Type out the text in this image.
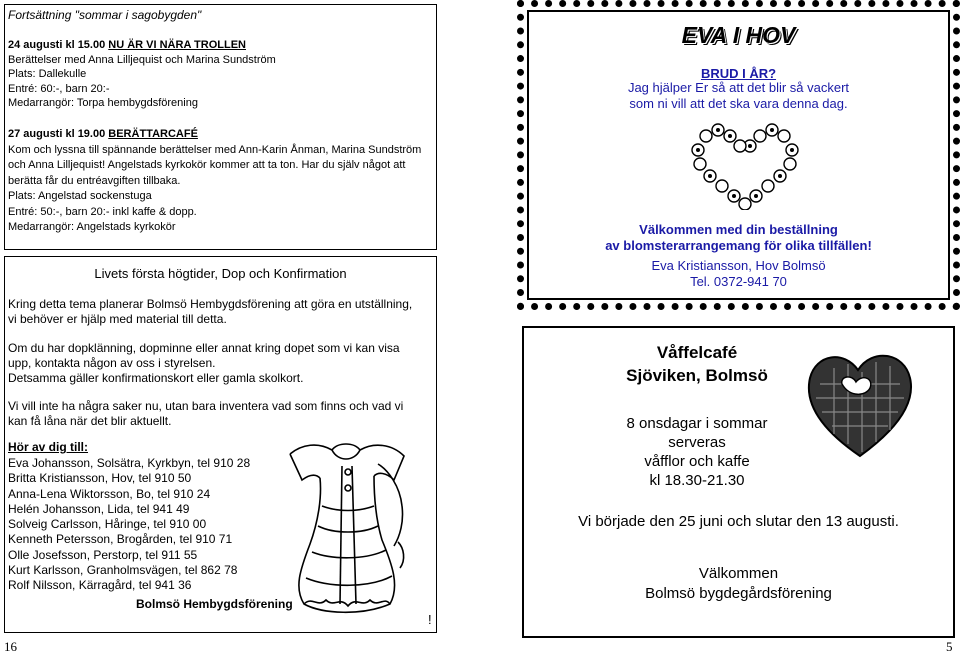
Fortsättning "sommar i sagobygden"
24 augusti kl 15.00 NU ÄR VI NÄRA TROLLEN
Berättelser med Anna Lilljequist och Marina Sundström
Plats: Dallekulle
Entré: 60:-, barn 20:-
Medarrangör: Torpa hembygdsförening
27 augusti kl 19.00 BERÄTTARCAFÉ
Kom och lyssna till spännande berättelser med Ann-Karin Ånman, Marina Sundström
och Anna Lilljequist! Angelstads kyrkokör kommer att ta ton. Har du själv något att
berätta får du entréavgiften tillbaka.
Plats: Angelstad sockenstuga
Entré: 50:-, barn 20:- inkl kaffe & dopp.
Medarrangör: Angelstads kyrkokör
Livets första högtider, Dop och Konfirmation
Kring detta tema planerar Bolmsö Hembygdsförening att göra en utställning,
vi behöver er hjälp med material till detta.
Om du har dopklänning, dopminne eller annat kring dopet som vi kan visa
upp, kontakta någon av oss i styrelsen.
Detsamma gäller konfirmationskort eller gamla skolkort.
Vi vill inte ha några saker nu, utan bara inventera vad som finns och vad vi
kan få låna när det blir aktuellt.
Hör av dig till:
Eva Johansson, Solsätra, Kyrkbyn, tel 910 28
Britta Kristiansson, Hov, tel 910 50
Anna-Lena Wiktorsson, Bo, tel 910 24
Helén Johansson, Lida, tel 941 49
Solveig Carlsson, Håringe, tel 910 00
Kenneth Petersson, Brogården, tel 910 71
Olle Josefsson, Perstorp, tel 911 55
Kurt Karlsson, Granholmsvägen, tel 862 78
Rolf Nilsson, Kärragård, tel 941 36
Bolmsö Hembygdsförening
!
16
EVA I HOV
BRUD I ÅR?
Jag hjälper Er så att det blir så vackert
som ni vill att det ska vara denna dag.
Välkommen med din beställning
av blomsterarrangemang för olika tillfällen!
Eva Kristiansson, Hov Bolmsö
Tel. 0372-941 70
Våffelcafé
Sjöviken, Bolmsö
8 onsdagar i sommar
serveras
våfflor och kaffe
kl 18.30-21.30
Vi började den 25 juni och slutar den 13 augusti.
Välkommen
Bolmsö bygdegårdsförening
5
